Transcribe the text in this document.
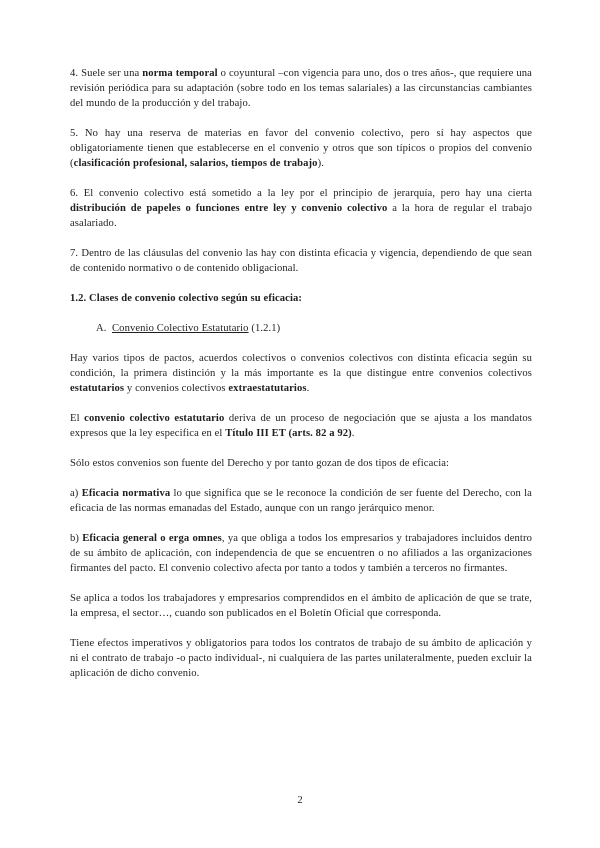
4. Suele ser una norma temporal o coyuntural –con vigencia para uno, dos o tres años-, que requiere una revisión periódica para su adaptación (sobre todo en los temas salariales) a las circunstancias cambiantes del mundo de la producción y del trabajo.

5. No hay una reserva de materias en favor del convenio colectivo, pero sí hay aspectos que obligatoriamente tienen que establecerse en el convenio y otros que son típicos o propios del convenio (clasificación profesional, salarios, tiempos de trabajo).

6. El convenio colectivo está sometido a la ley por el principio de jerarquía, pero hay una cierta distribución de papeles o funciones entre ley y convenio colectivo a la hora de regular el trabajo asalariado.

7. Dentro de las cláusulas del convenio las hay con distinta eficacia y vigencia, dependiendo de que sean de contenido normativo o de contenido obligacional.

1.2. Clases de convenio colectivo según su eficacia:

A.  Convenio Colectivo Estatutario (1.2.1)

Hay varios tipos de pactos, acuerdos colectivos o convenios colectivos con distinta eficacia según su condición, la primera distinción y la más importante es la que distingue entre convenios colectivos estatutarios y convenios colectivos extraestatutarios.

El convenio colectivo estatutario deriva de un proceso de negociación que se ajusta a los mandatos expresos que la ley especifica en el Título III ET (arts. 82 a 92).

Sólo estos convenios son fuente del Derecho y por tanto gozan de dos tipos de eficacia:

a) Eficacia normativa lo que significa que se le reconoce la condición de ser fuente del Derecho, con la eficacia de las normas emanadas del Estado, aunque con un rango jerárquico menor.

b) Eficacia general o erga omnes, ya que obliga a todos los empresarios y trabajadores incluidos dentro de su ámbito de aplicación, con independencia de que se encuentren o no afiliados a las organizaciones firmantes del pacto. El convenio colectivo afecta por tanto a todos y también a terceros no firmantes.

Se aplica a todos los trabajadores y empresarios comprendidos en el ámbito de aplicación de que se trate, la empresa, el sector…, cuando son publicados en el Boletín Oficial que corresponda.

Tiene efectos imperativos y obligatorios para todos los contratos de trabajo de su ámbito de aplicación y ni el contrato de trabajo -o pacto individual-, ni cualquiera de las partes unilateralmente, pueden excluir la aplicación de dicho convenio.

2
